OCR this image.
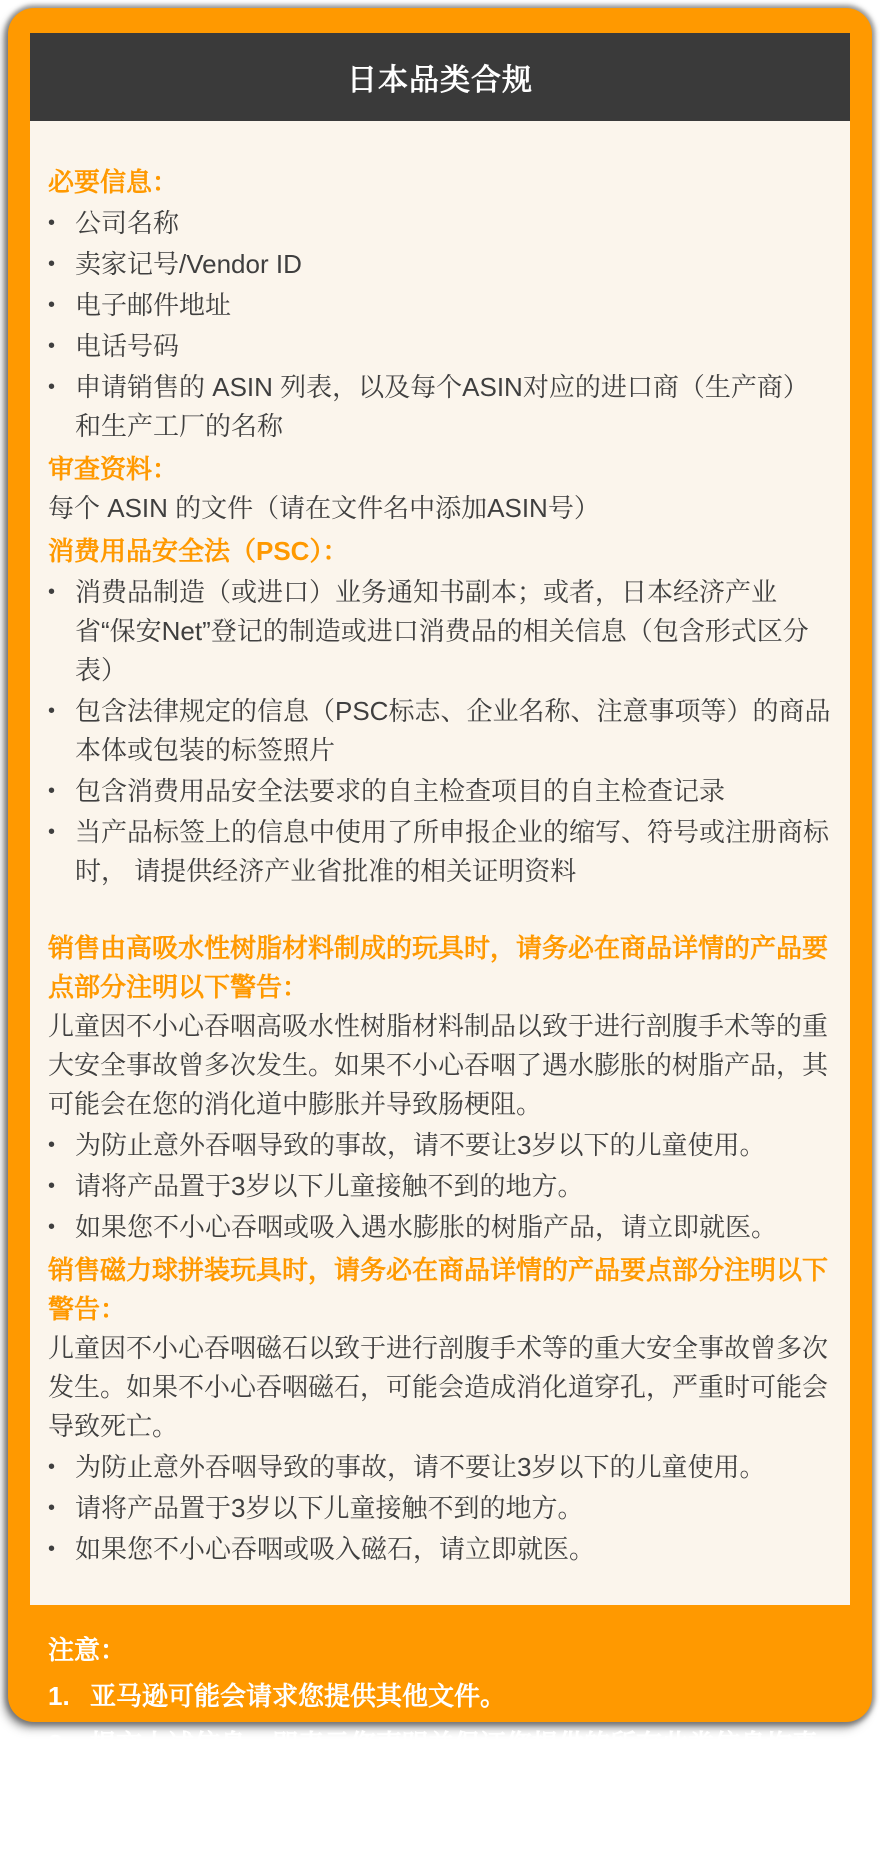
日本品类合规

必要信息：

• 公司名称
• 卖家记号/Vendor ID
• 电子邮件地址
• 电话号码
• 申请销售的 ASIN 列表，以及每个ASIN对应的进口商（生产商）和生产工厂的名称

审查资料：

每个 ASIN 的文件（请在文件名中添加ASIN号）

消费用品安全法（PSC）：

• 消费品制造（或进口）业务通知书副本；或者，日本经济产业省“保安Net”登记的制造或进口消费品的相关信息（包含形式区分表）
• 包含法律规定的信息（PSC标志、企业名称、注意事项等）的商品本体或包装的标签照片
• 包含消费用品安全法要求的自主检查项目的自主检查记录
• 当产品标签上的信息中使用了所申报企业的缩写、符号或注册商标时， 请提供经济产业省批准的相关证明资料

销售由高吸水性树脂材料制成的玩具时，请务必在商品详情的产品要点部分注明以下警告：

儿童因不小心吞咽高吸水性树脂材料制品以致于进行剖腹手术等的重大安全事故曾多次发生。如果不小心吞咽了遇水膨胀的树脂产品，其可能会在您的消化道中膨胀并导致肠梗阻。

• 为防止意外吞咽导致的事故，请不要让3岁以下的儿童使用。
• 请将产品置于3岁以下儿童接触不到的地方。
• 如果您不小心吞咽或吸入遇水膨胀的树脂产品，请立即就医。

销售磁力球拼装玩具时，请务必在商品详情的产品要点部分注明以下警告：

儿童因不小心吞咽磁石以致于进行剖腹手术等的重大安全事故曾多次发生。如果不小心吞咽磁石，可能会造成消化道穿孔，严重时可能会导致死亡。

• 为防止意外吞咽导致的事故，请不要让3岁以下的儿童使用。
• 请将产品置于3岁以下儿童接触不到的地方。
• 如果您不小心吞咽或吸入磁石，请立即就医。

注意：

1. 亚马逊可能会请求您提供其他文件。
2. 提交上述信息，即表示您声明并保证您提供的所有此类信息均真实准确。如果您违反此声明或保证，亚马逊可能会终止您的销售权限。
